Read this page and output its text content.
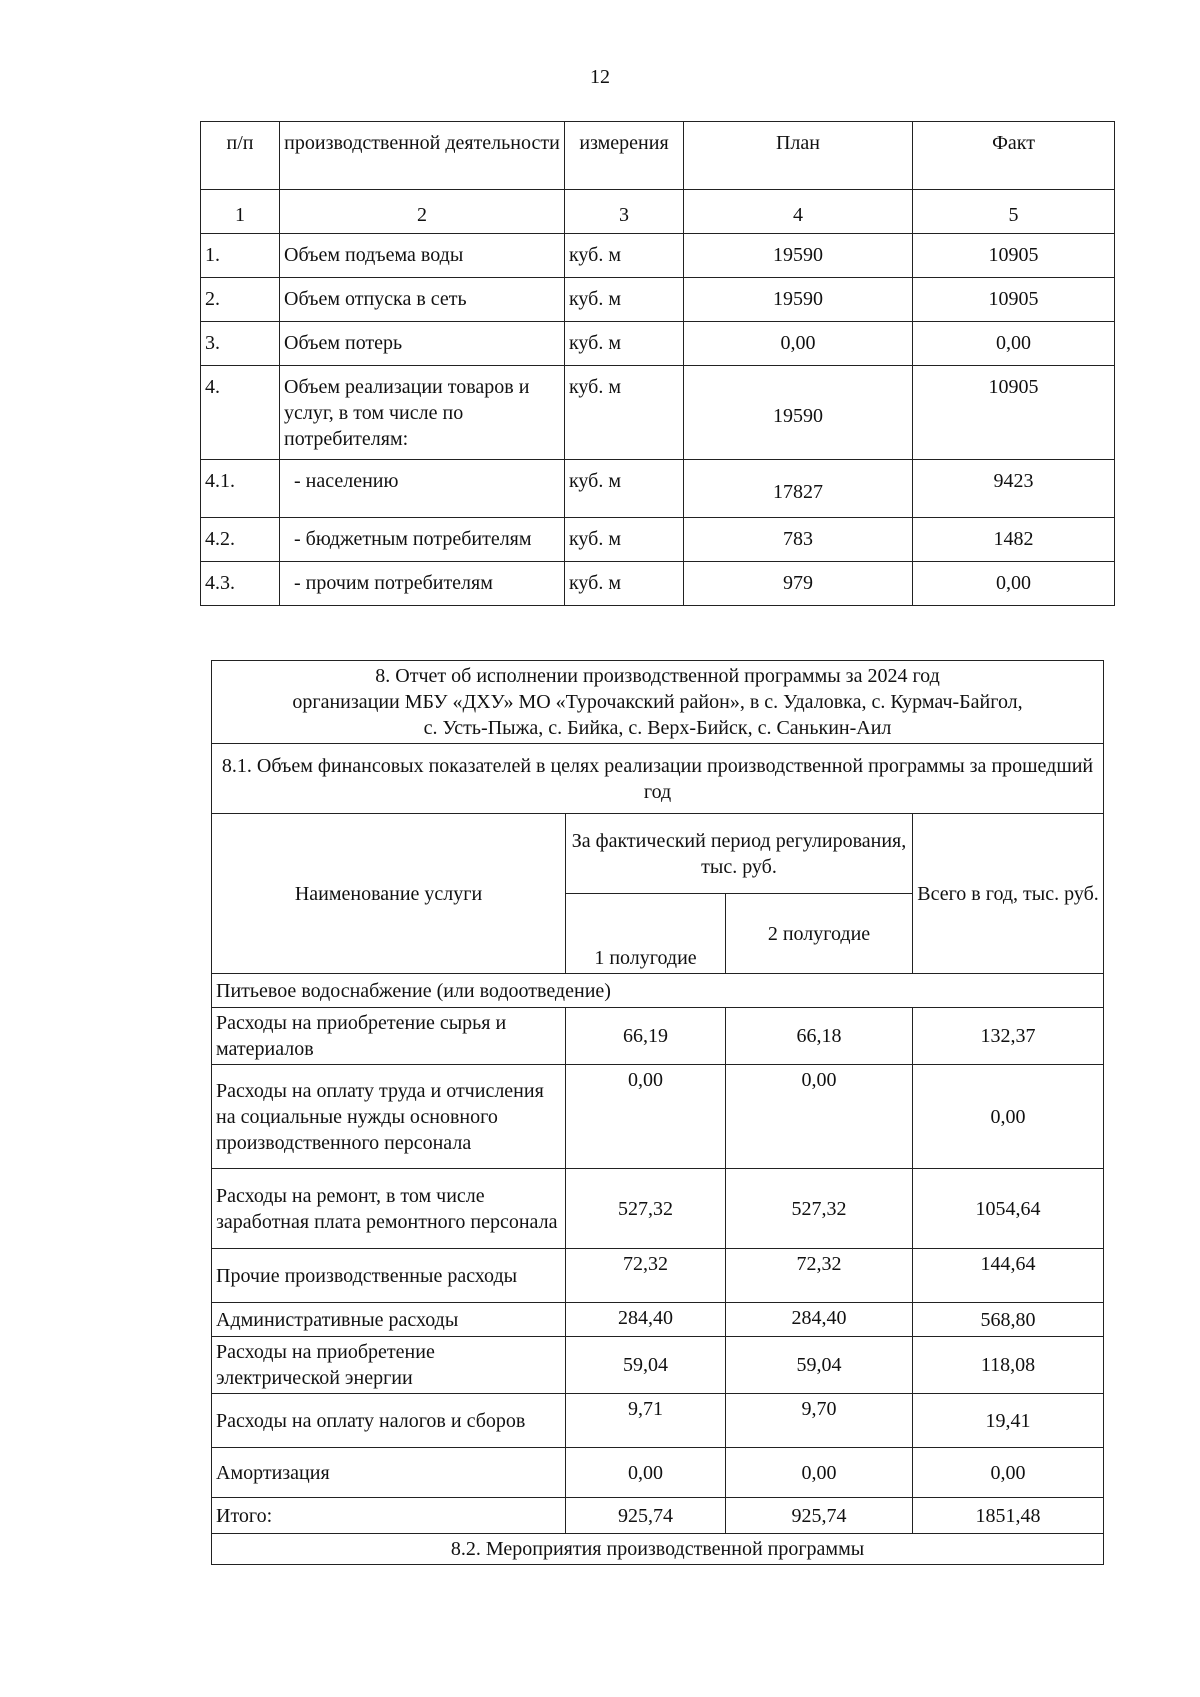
12
п/п	производственной деятельности	измерения	План	Факт
1	2	3	4	5
1.	Объем подъема воды	куб. м	19590	10905
2.	Объем отпуска в сеть	куб. м	19590	10905
3.	Объем потерь	куб. м	0,00	0,00
4.	Объем реализации товаров и услуг, в том числе по потребителям:	куб. м	19590	10905
4.1.	- населению	куб. м	17827	9423
4.2.	- бюджетным потребителям	куб. м	783	1482
4.3.	- прочим потребителям	куб. м	979	0,00
8. Отчет об исполнении производственной программы за 2024 год
организации МБУ «ДХУ» МО «Турочакский район», в с. Удаловка, с. Курмач-Байгол,
с. Усть-Пыжа, с. Бийка, с. Верх-Бийск, с. Санькин-Аил			

8.1. Объем финансовых показателей в целях реализации производственной программы за прошедший год			
Наименование услуги	За фактический период регулирования, тыс. руб.		Всего в год, тыс. руб.
	1 полугодие	2 полугодие	
Питьевое водоснабжение (или водоотведение)			
Расходы на приобретение сырья и материалов	66,19	66,18	132,37
Расходы на оплату труда и отчисления на социальные нужды основного производственного персонала	0,00	0,00	0,00
Расходы на ремонт, в том числе заработная плата ремонтного персонала	527,32	527,32	1054,64
Прочие производственные расходы	72,32	72,32	144,64
Административные расходы	284,40	284,40	568,80
Расходы на приобретение электрической энергии	59,04	59,04	118,08
Расходы на оплату налогов и сборов	9,71	9,70	19,41
Амортизация	0,00	0,00	0,00
Итого:	925,74	925,74	1851,48
8.2. Мероприятия производственной программы			
